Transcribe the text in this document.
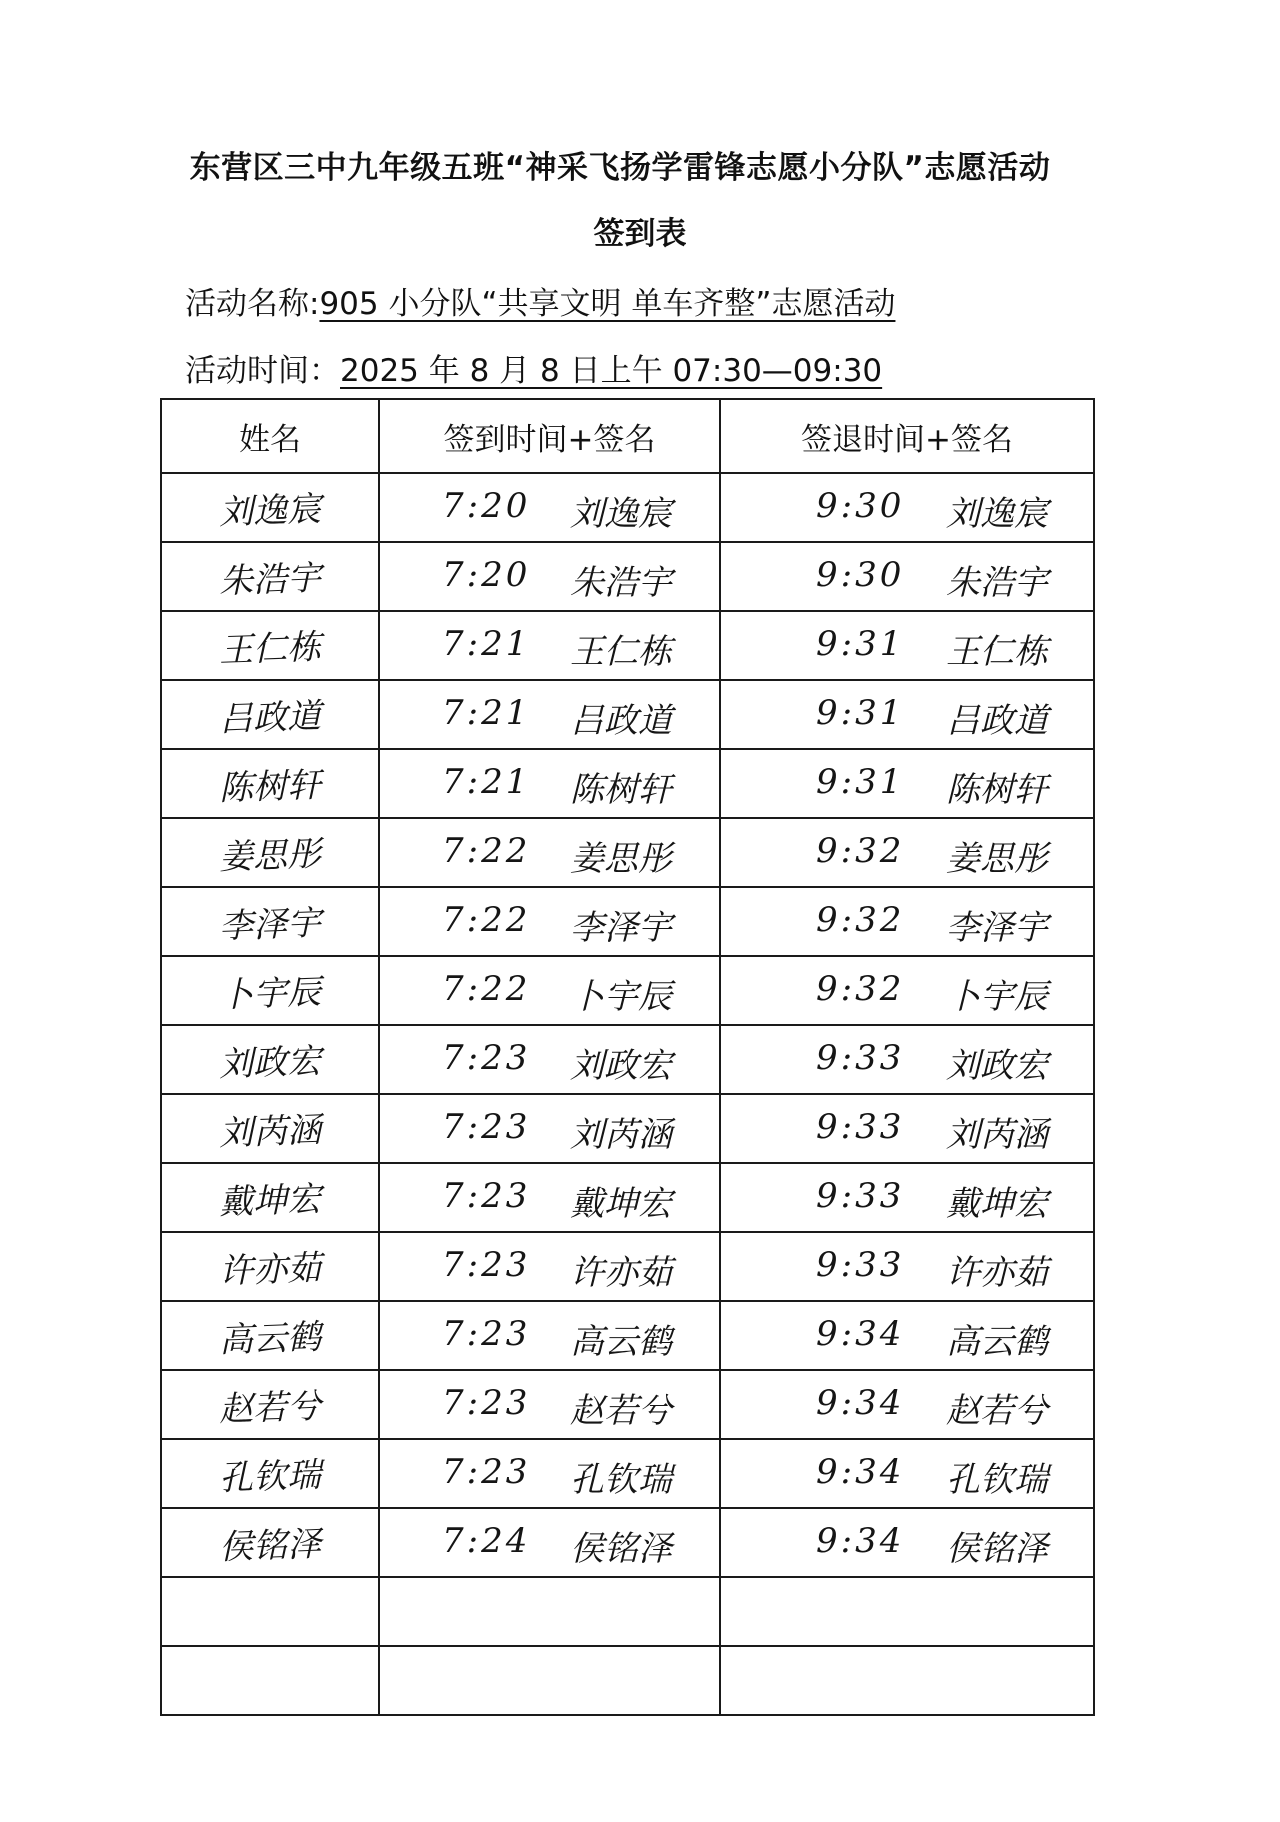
东营区三中九年级五班“神采飞扬学雷锋志愿小分队”志愿活动
签到表
活动名称:905 小分队“共享文明 单车齐整”志愿活动
活动时间：2025 年 8 月 8 日上午 07:30—09:30
姓名	签到时间+签名	签退时间+签名
刘逸宸	7:20 刘逸宸	9:30 刘逸宸

朱浩宇	7:20 朱浩宇	9:30 朱浩宇

王仁栋	7:21 王仁栋	9:31 王仁栋

吕政道	7:21 吕政道	9:31 吕政道

陈树轩	7:21 陈树轩	9:31 陈树轩

姜思彤	7:22 姜思彤	9:32 姜思彤

李泽宇	7:22 李泽宇	9:32 李泽宇

卜宇辰	7:22 卜宇辰	9:32 卜宇辰

刘政宏	7:23 刘政宏	9:33 刘政宏

刘芮涵	7:23 刘芮涵	9:33 刘芮涵

戴坤宏	7:23 戴坤宏	9:33 戴坤宏

许亦茹	7:23 许亦茹	9:33 许亦茹

高云鹤	7:23 高云鹤	9:34 高云鹤

赵若兮	7:23 赵若兮	9:34 赵若兮

孔钦瑞	7:23 孔钦瑞	9:34 孔钦瑞

侯铭泽	7:24 侯铭泽	9:34 侯铭泽
